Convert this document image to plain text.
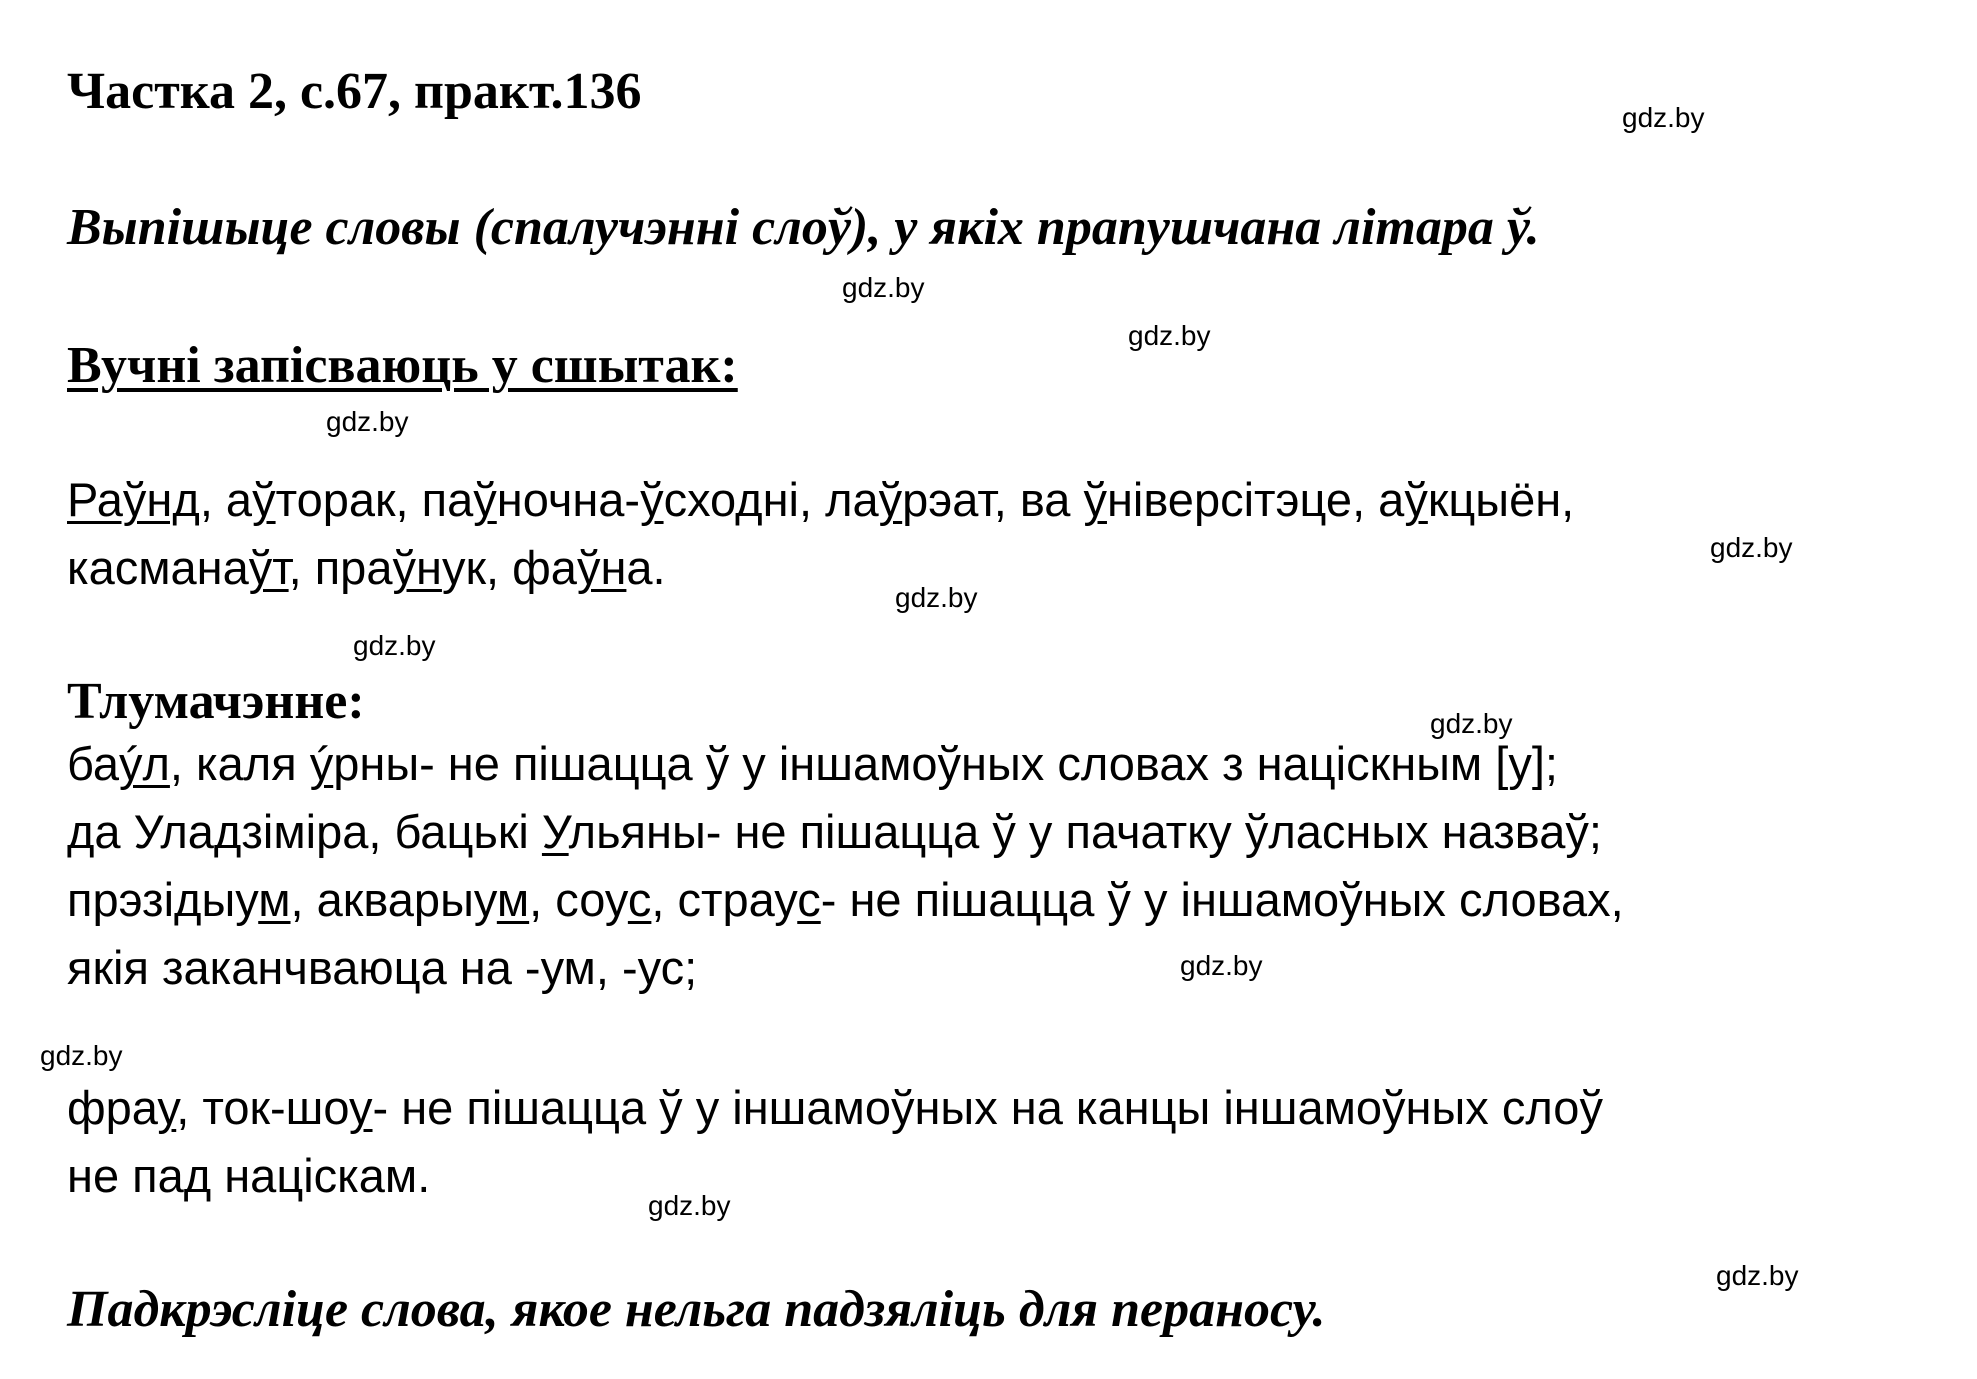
Частка 2, с.67, практ.136
Выпішыце словы (спалучэнні слоў), у якіх прапушчана літара ў.
Вучні запісваюць у сшытак:
Раўнд, аўторак, паўночна-ўсходні, лаўрэат, ва ўніверсітэце, аўкцыён,
касманаўт, праўнук, фаўна.
Тлумачэнне:
баýл, каля ýрны- не пішацца ў у іншамоўных словах з націскным [у];
да Уладзіміра, бацькі Ульяны- не пішацца ў у пачатку ўласных назваў;
прэзідыум, акварыум, соус, страус- не пішацца ў у іншамоўных словах,
якія заканчваюца на -ум, -ус;
фрау, ток-шоу- не пішацца ў у іншамоўных на канцы іншамоўных слоў
не пад націскам.
Падкрэсліце слова, якое нельга падзяліць для пераносу.
gdz.by
gdz.by
gdz.by
gdz.by
gdz.by
gdz.by
gdz.by
gdz.by
gdz.by
gdz.by
gdz.by
gdz.by
